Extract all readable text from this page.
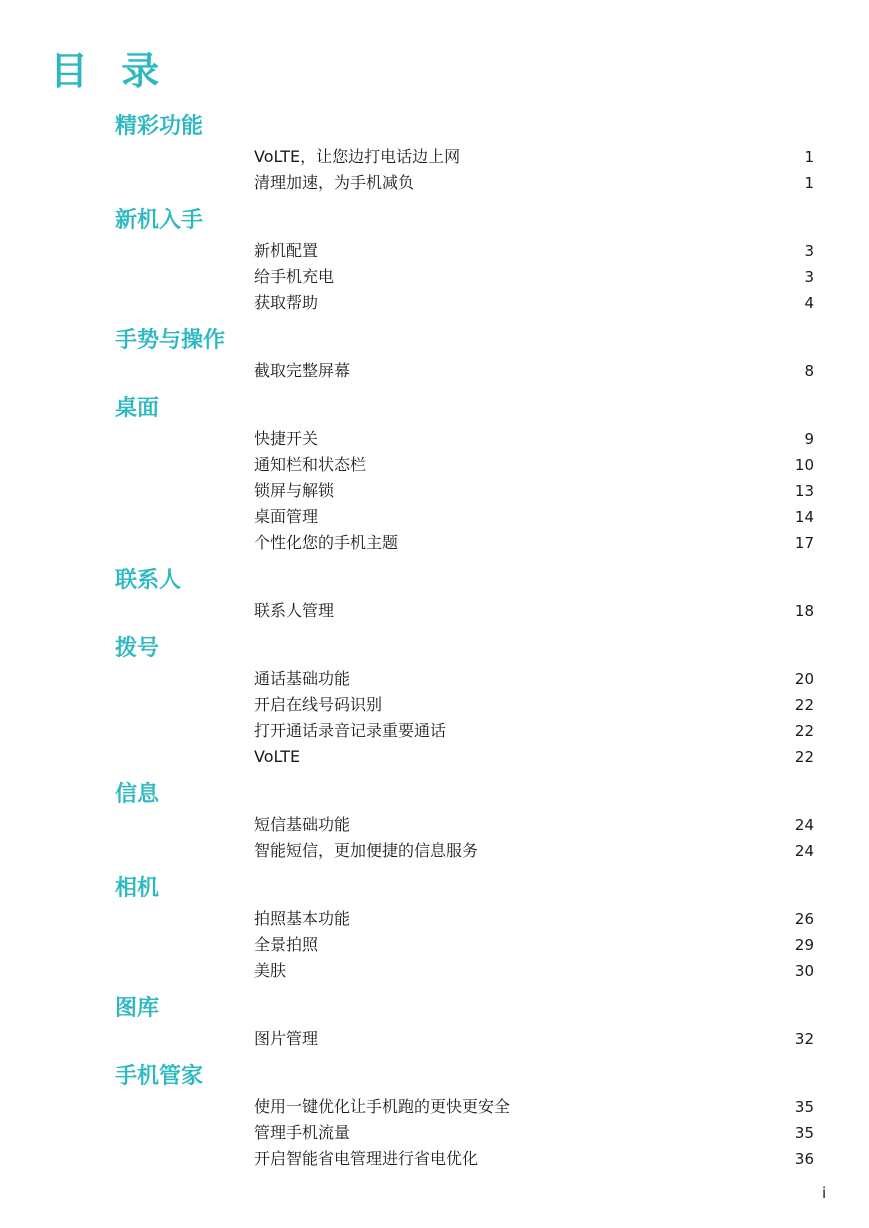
目 录
精彩功能
VoLTE，让您边打电话边上网	1
清理加速，为手机减负	1
新机入手
新机配置	3
给手机充电	3
获取帮助	4
手势与操作
截取完整屏幕	8
桌面
快捷开关	9
通知栏和状态栏	10
锁屏与解锁	13
桌面管理	14
个性化您的手机主题	17
联系人
联系人管理	18
拨号
通话基础功能	20
开启在线号码识别	22
打开通话录音记录重要通话	22
VoLTE	22
信息
短信基础功能	24
智能短信，更加便捷的信息服务	24
相机
拍照基本功能	26
全景拍照	29
美肤	30
图库
图片管理	32
手机管家
使用一键优化让手机跑的更快更安全	35
管理手机流量	35
开启智能省电管理进行省电优化	36
i
